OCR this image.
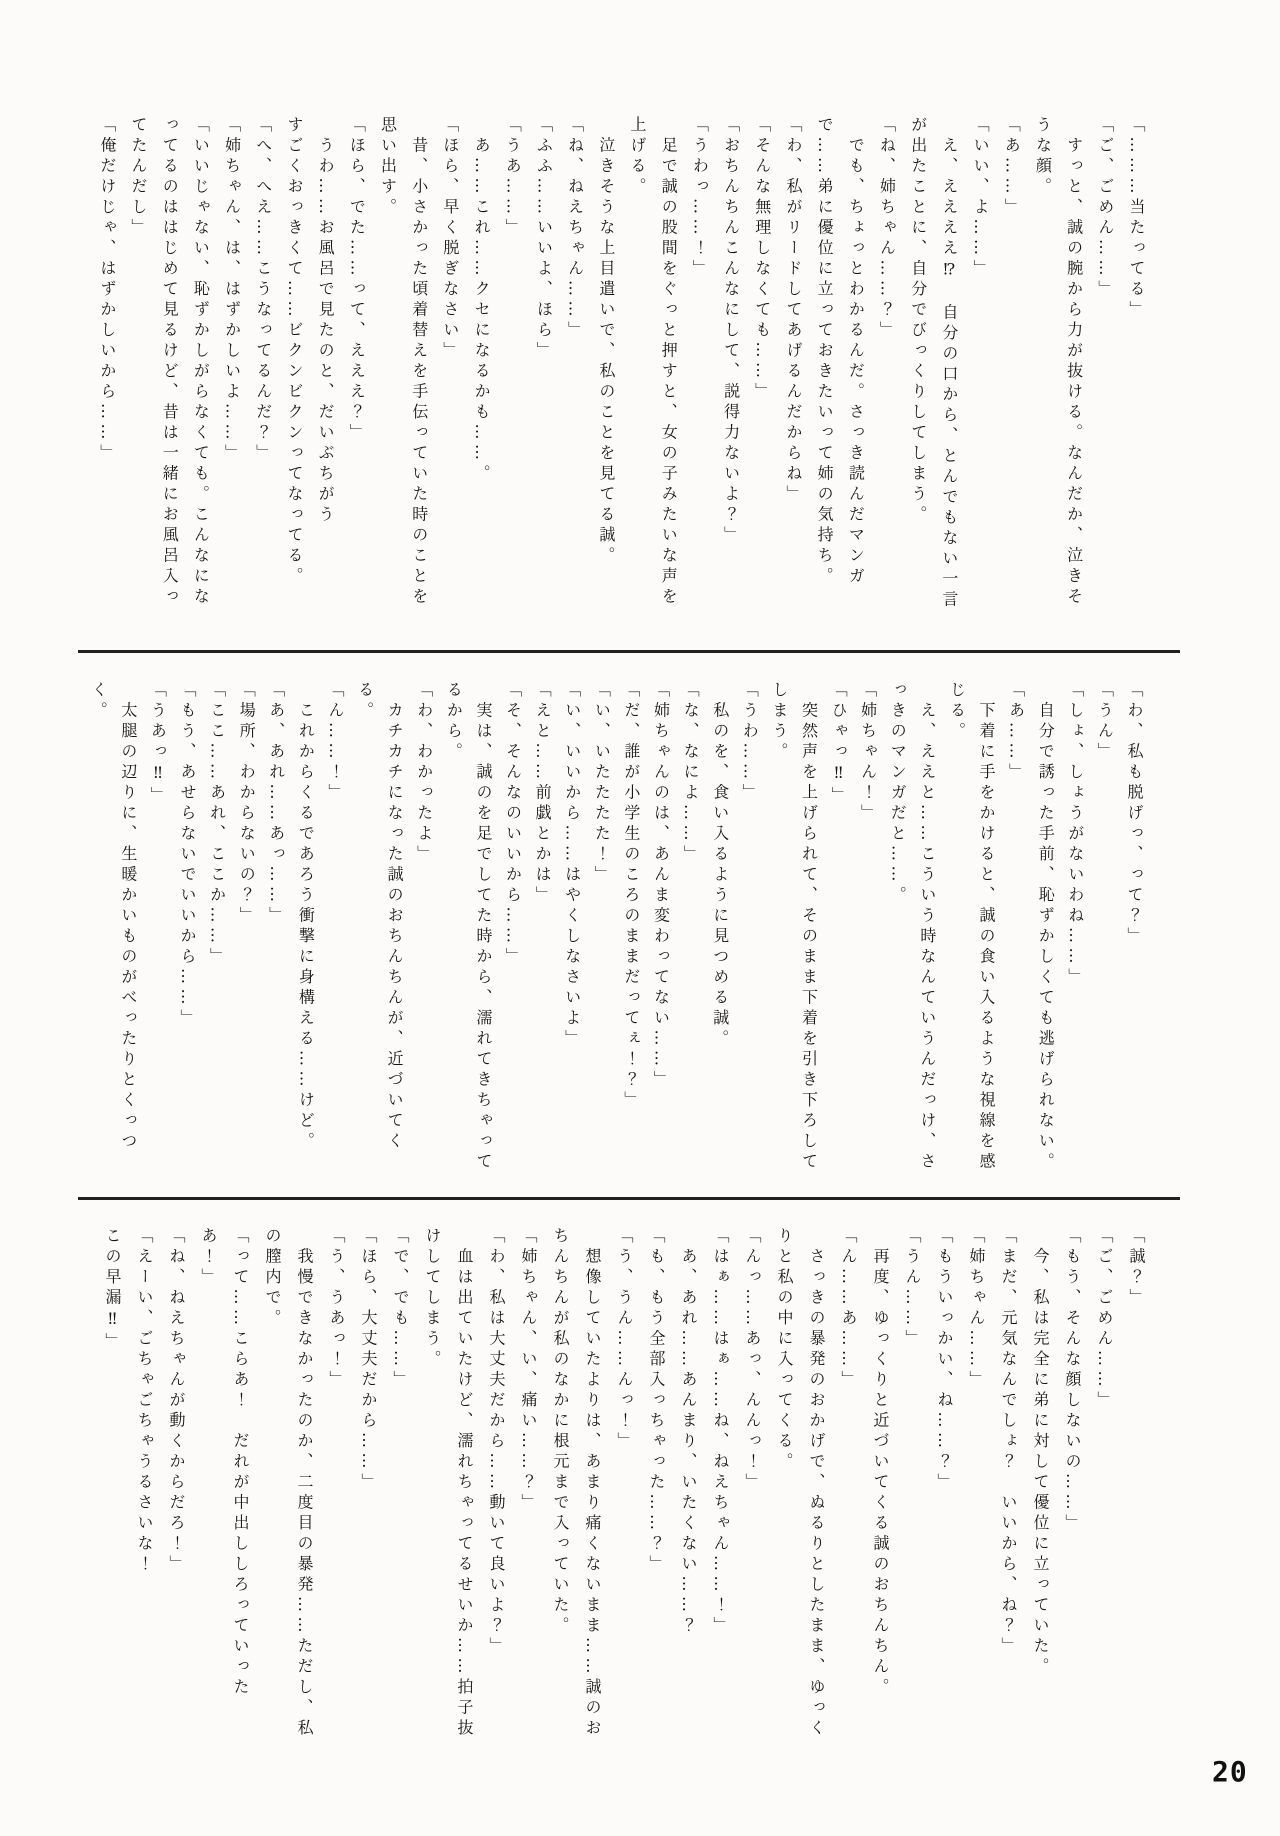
「………当たってる」

「ご、ごめん……」

　すっと、誠の腕から力が抜ける。なんだか、泣きそうな顔。

「あ……」

「いい、よ……」

　え、ええええ⁉　自分の口から、とんでもない一言が出たことに、自分でびっくりしてしまう。

「ね、姉ちゃん……？」

　でも、ちょっとわかるんだ。さっき読んだマンガで……弟に優位に立っておきたいって姉の気持ち。

「わ、私がリードしてあげるんだからね」

「そんな無理しなくても……」

「おちんちんこんなにして、説得力ないよ？」

「うわっ……！」

　足で誠の股間をぐっと押すと、女の子みたいな声を上げる。

　泣きそうな上目遣いで、私のことを見てる誠。

「ね、ねえちゃん……」

「ふふ……いいよ、ほら」

「うあ……」

　あ……これ……クセになるかも……。

「ほら、早く脱ぎなさい」

　昔、小さかった頃着替えを手伝っていた時のことを思い出す。

「ほら、でた……って、えええ？」

　うわ……お風呂で見たのと、だいぶちがう

すごくおっきくて……ビクンビクンってなってる。

「へ、へえ……こうなってるんだ？」

「姉ちゃん、は、はずかしいよ……」

「いいじゃない、恥ずかしがらなくても。こんなになってるのははじめて見るけど、昔は一緒にお風呂入ってたんだし」

「俺だけじゃ、はずかしいから……」

「わ、私も脱げっ、って？」

「うん」

「しょ、しょうがないわね……」

　自分で誘った手前、恥ずかしくても逃げられない。

「あ……」

　下着に手をかけると、誠の食い入るような視線を感じる。

　え、ええと……こういう時なんていうんだっけ、さっきのマンガだと……。

「姉ちゃん！」

「ひゃっ‼」

　突然声を上げられて、そのまま下着を引き下ろしてしまう。

「うわ……」

　私のを、食い入るように見つめる誠。

「な、なによ……」

「姉ちゃんのは、あんま変わってない……」

「だ、誰が小学生のころのままだってぇ！？」

「い、いたたたた！」

「い、いいから……はやくしなさいよ」

「えと……前戯とかは」

「そ、そんなのいいから……」

　実は、誠のを足でしてた時から、濡れてきちゃってるから。

「わ、わかったよ」

　カチカチになった誠のおちんちんが、近づいてくる。

「ん……！」

　これからくるであろう衝撃に身構える……けど。

「あ、あれ……あっ……」

「場所、わからないの？」

「ここ……あれ、ここか……」

「もう、あせらないでいいから……」

「うあっ‼」

　太腿の辺りに、生暖かいものがべったりとくっつく。

「誠？」

「ご、ごめん……」

「もう、そんな顔しないの……」

　今、私は完全に弟に対して優位に立っていた。

「まだ、元気なんでしょ？　いいから、ね？」

「姉ちゃん……」

「もういっかい、ね……？」

「うん……」

　再度、ゆっくりと近づいてくる誠のおちんちん。

「ん……あ……」

　さっきの暴発のおかげで、ぬるりとしたまま、ゆっくりと私の中に入ってくる。

「んっ……あっ、んんっ！」

「はぁ……はぁ……ね、ねえちゃん……！」

　あ、あれ……あんまり、いたくない……？

「も、もう全部入っちゃった……？」

「う、うん……んっ！」

　想像していたよりは、あまり痛くないまま……誠のおちんちんが私のなかに根元まで入っていた。

「姉ちゃん、い、痛い……？」

「わ、私は大丈夫だから……動いて良いよ？」

　血は出ていたけど、濡れちゃってるせいか……拍子抜けしてしまう。

「で、でも……」

「ほら、大丈夫だから……」

「う、うあっ！」

　我慢できなかったのか、二度目の暴発……ただし、私の膣内で。

「って……こらあ！　だれが中出ししろっていったあ！」

「ね、ねえちゃんが動くからだろ！」

「えーい、ごちゃごちゃうるさいな！

この早漏‼」

20
